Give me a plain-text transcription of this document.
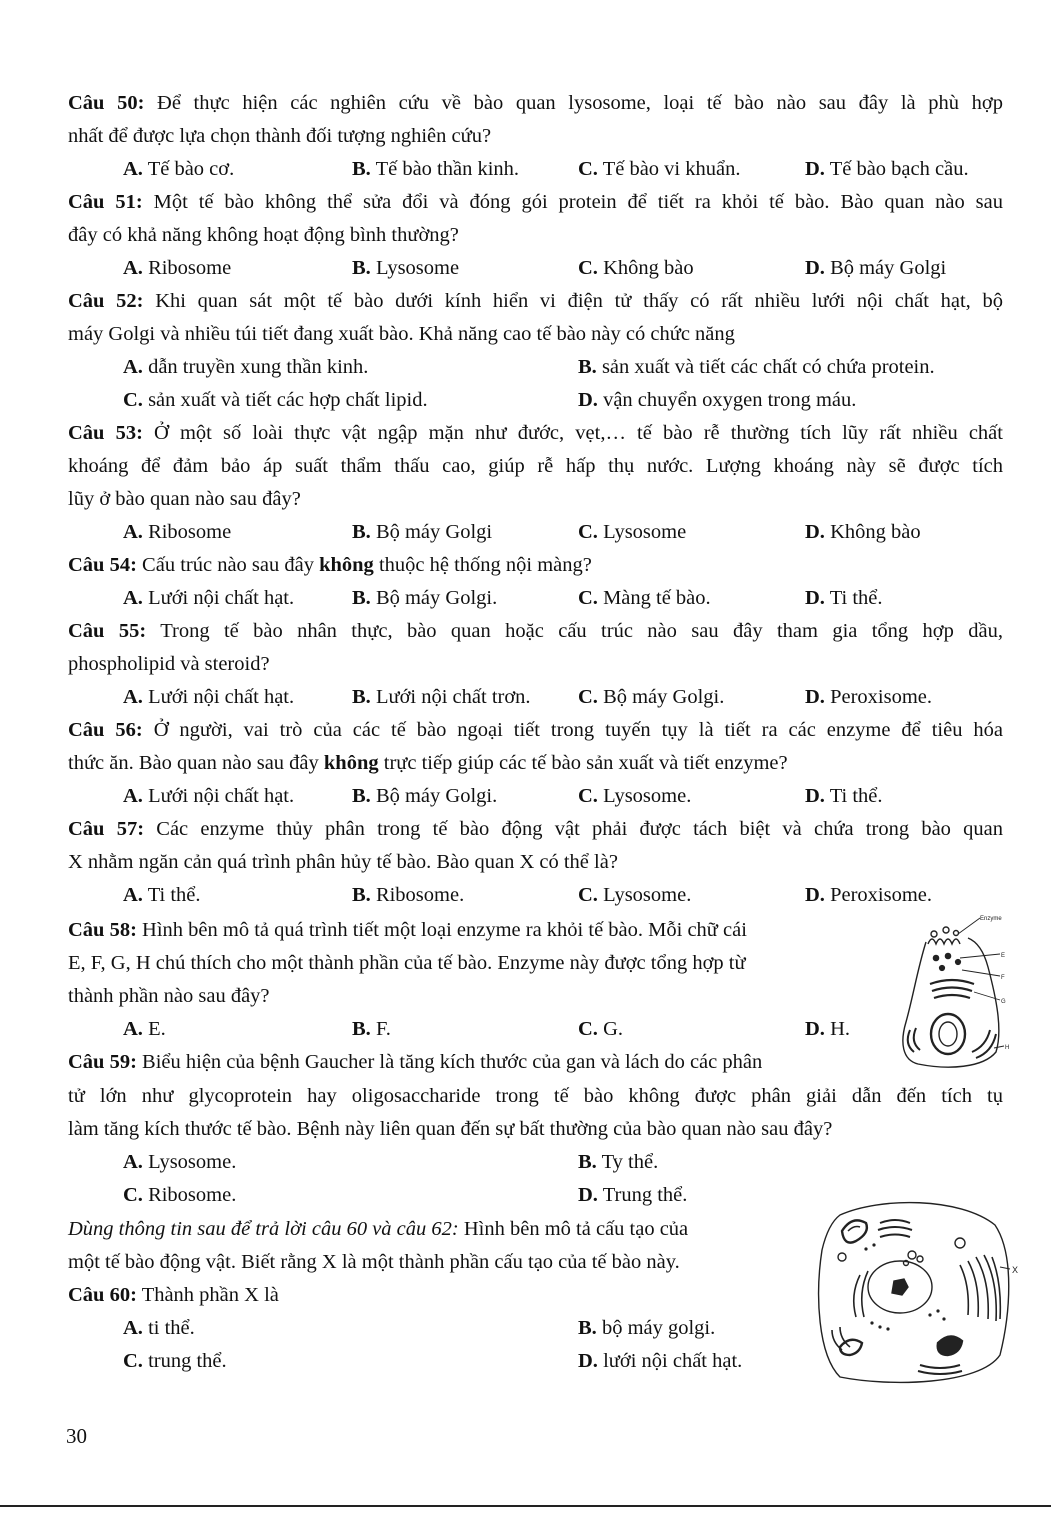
Câu 50: Để thực hiện các nghiên cứu về bào quan lysosome, loại tế bào nào sau đây là phù hợp
nhất để được lựa chọn thành đối tượng nghiên cứu?
A. Tế bào cơ.	B. Tế bào thần kinh.	C. Tế bào vi khuẩn.	D. Tế bào bạch cầu.
Câu 51: Một tế bào không thể sửa đổi và đóng gói protein để tiết ra khỏi tế bào. Bào quan nào sau
đây có khả năng không hoạt động bình thường?
A. Ribosome	B. Lysosome	C. Không bào	D. Bộ máy Golgi
Câu 52: Khi quan sát một tế bào dưới kính hiển vi điện tử thấy có rất nhiều lưới nội chất hạt, bộ
máy Golgi và nhiều túi tiết đang xuất bào. Khả năng cao tế bào này có chức năng
A. dẫn truyền xung thần kinh.	B. sản xuất và tiết các chất có chứa protein.
C. sản xuất và tiết các hợp chất lipid.	D. vận chuyển oxygen trong máu.
Câu 53: Ở một số loài thực vật ngập mặn như đước, vẹt,… tế bào rễ thường tích lũy rất nhiều chất
khoáng để đảm bảo áp suất thẩm thấu cao, giúp rễ hấp thụ nước. Lượng khoáng này sẽ được tích
lũy ở bào quan nào sau đây?
A. Ribosome	B. Bộ máy Golgi	C. Lysosome	D. Không bào
Câu 54: Cấu trúc nào sau đây không thuộc hệ thống nội màng?
A. Lưới nội chất hạt.	B. Bộ máy Golgi.	C. Màng tế bào.	D. Ti thể.
Câu 55: Trong tế bào nhân thực, bào quan hoặc cấu trúc nào sau đây tham gia tổng hợp dầu,
phospholipid và steroid?
A. Lưới nội chất hạt.	B. Lưới nội chất trơn. C. Bộ máy Golgi.	D. Peroxisome.
Câu 56: Ở người, vai trò của các tế bào ngoại tiết trong tuyến tụy là tiết ra các enzyme để tiêu hóa
thức ăn. Bào quan nào sau đây không trực tiếp giúp các tế bào sản xuất và tiết enzyme?
A. Lưới nội chất hạt.	B. Bộ máy Golgi.	C. Lysosome.	D. Ti thể.
Câu 57: Các enzyme thủy phân trong tế bào động vật phải được tách biệt và chứa trong bào quan
X nhằm ngăn cản quá trình phân hủy tế bào. Bào quan X có thể là?
A. Ti thể.	B. Ribosome.	C. Lysosome.	D. Peroxisome.
Câu 58: Hình bên mô tả quá trình tiết một loại enzyme ra khỏi tế bào. Mỗi chữ cái
E, F, G, H chú thích cho một thành phần của tế bào. Enzyme này được tổng hợp từ
thành phần nào sau đây?
A. E.	B. F.	C. G.	D. H.
Enzyme
E
F
G
H
Câu 59: Biểu hiện của bệnh Gaucher là tăng kích thước của gan và lách do các phân
tử lớn như glycoprotein hay oligosaccharide trong tế bào không được phân giải dẫn đến tích tụ
làm tăng kích thước tế bào. Bệnh này liên quan đến sự bất thường của bào quan nào sau đây?
A. Lysosome.	B. Ty thể.
C. Ribosome.	D. Trung thể.
Dùng thông tin sau để trả lời câu 60 và câu 62: Hình bên mô tả cấu tạo của
một tế bào động vật. Biết rằng X là một thành phần cấu tạo của tế bào này.
Câu 60: Thành phần X là
A. ti thể.	B. bộ máy golgi.
C. trung thể.	D. lưới nội chất hạt.
X
30
